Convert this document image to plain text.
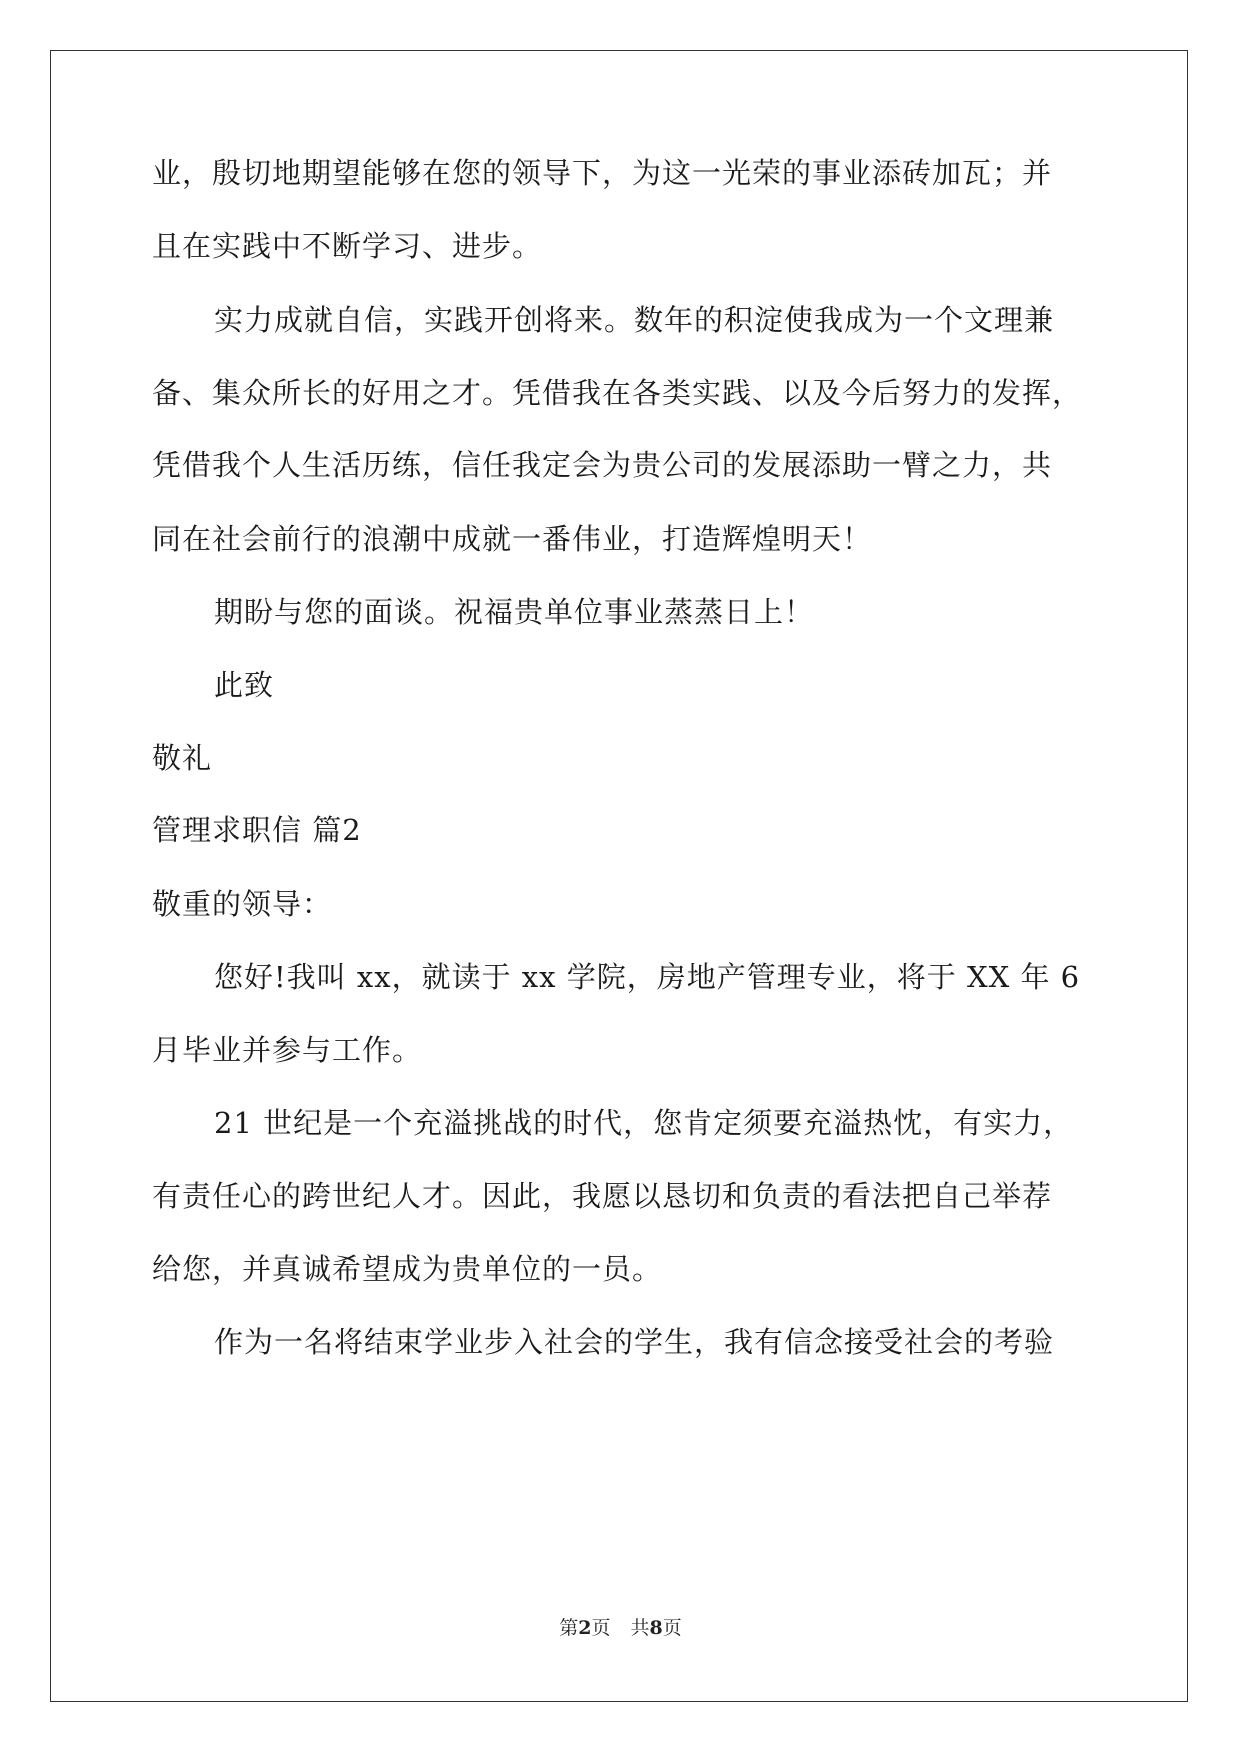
业，殷切地期望能够在您的领导下，为这一光荣的事业添砖加瓦；并
且在实践中不断学习、进步。
实力成就自信，实践开创将来。数年的积淀使我成为一个文理兼
备、集众所长的好用之才。凭借我在各类实践、以及今后努力的发挥，
凭借我个人生活历练，信任我定会为贵公司的发展添助一臂之力，共
同在社会前行的浪潮中成就一番伟业，打造辉煌明天！
期盼与您的面谈。祝福贵单位事业蒸蒸日上！
此致
敬礼
管理求职信 篇2
敬重的领导：
您好!我叫 xx，就读于 xx 学院，房地产管理专业，将于 XX 年 6
月毕业并参与工作。
21 世纪是一个充溢挑战的时代，您肯定须要充溢热忱，有实力，
有责任心的跨世纪人才。因此，我愿以恳切和负责的看法把自己举荐
给您，并真诚希望成为贵单位的一员。
作为一名将结束学业步入社会的学生，我有信念接受社会的考验
第2页 共8页
